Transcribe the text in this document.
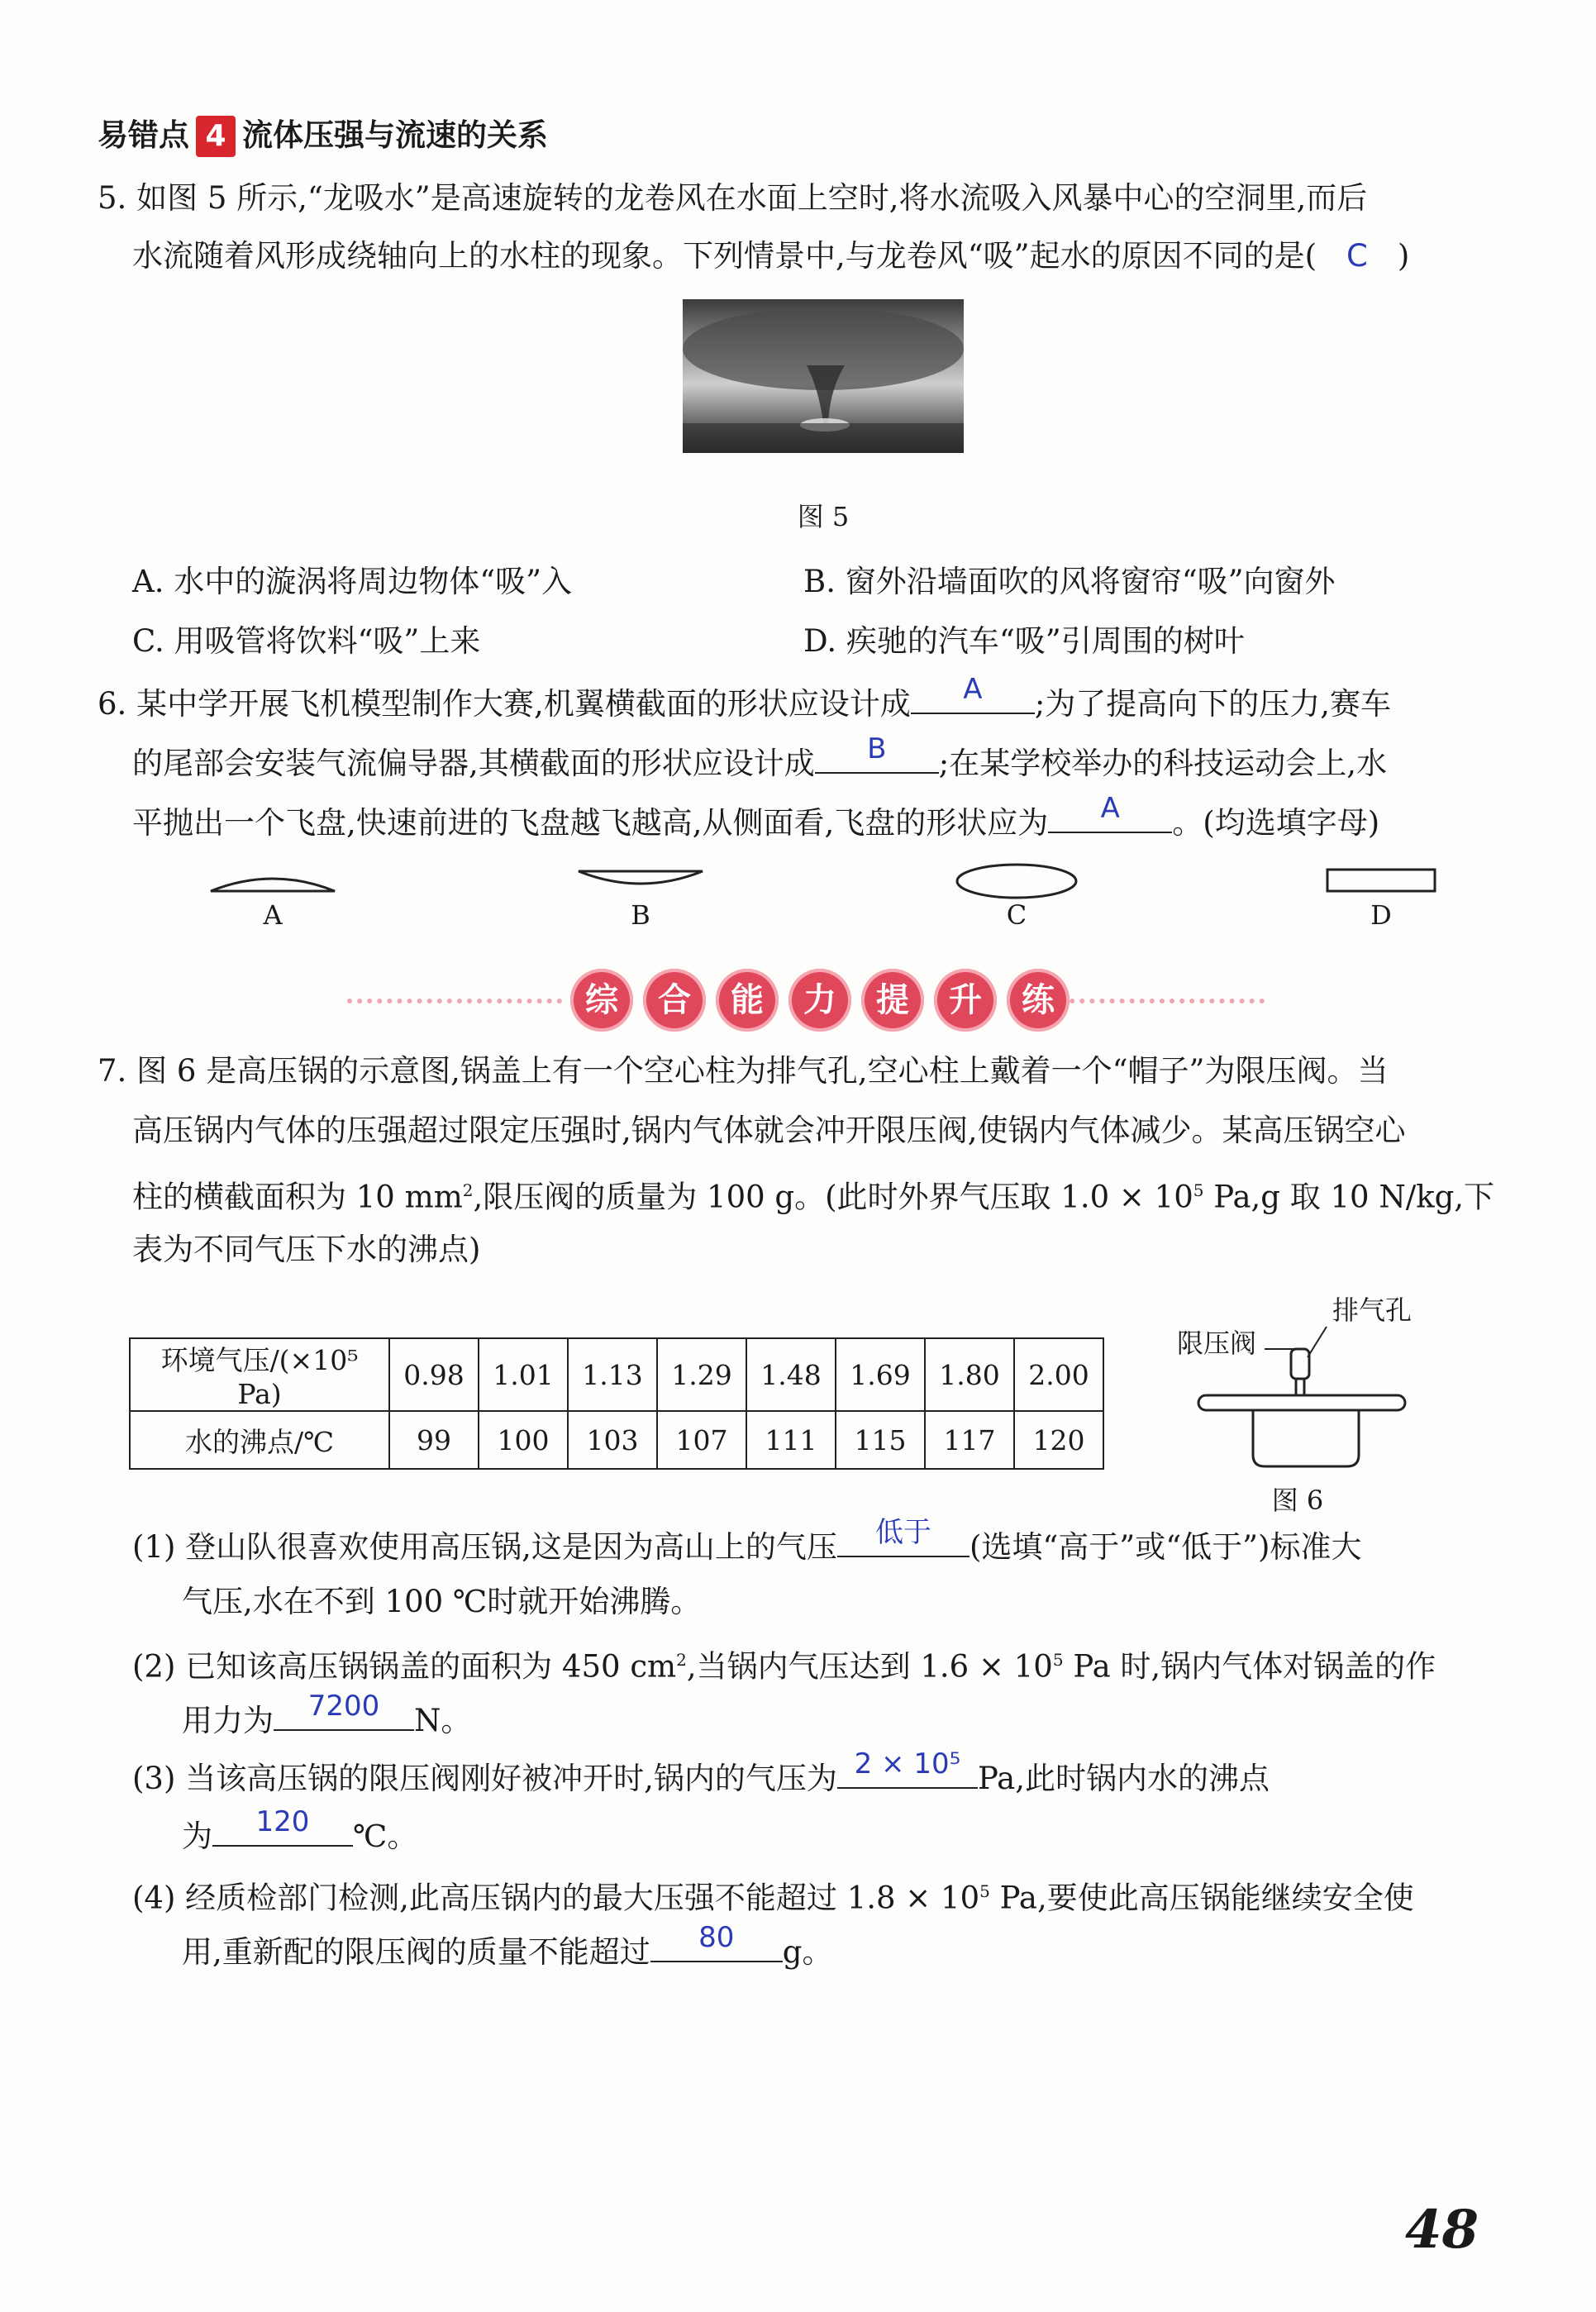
易错点 4 流体压强与流速的关系
5. 如图 5 所示,“龙吸水”是高速旋转的龙卷风在水面上空时,将水流吸入风暴中心的空洞里,而后
水流随着风形成绕轴向上的水柱的现象。下列情景中,与龙卷风“吸”起水的原因不同的是( C )
图 5
A. 水中的漩涡将周边物体“吸”入	B. 窗外沿墙面吹的风将窗帘“吸”向窗外
C. 用吸管将饮料“吸”上来	D. 疾驰的汽车“吸”引周围的树叶
6. 某中学开展飞机模型制作大赛,机翼横截面的形状应设计成	A	;为了提高向下的压力,赛车
的尾部会安装气流偏导器,其横截面的形状应设计成	B	;在某学校举办的科技运动会上,水
平抛出一个飞盘,快速前进的飞盘越飞越高,从侧面看,飞盘的形状应为	A	。(均选填字母)
A	B	C	D
综	合	能	力	提	升	练
7. 图 6 是高压锅的示意图,锅盖上有一个空心柱为排气孔,空心柱上戴着一个“帽子”为限压阀。当
高压锅内气体的压强超过限定压强时,锅内气体就会冲开限压阀,使锅内气体减少。某高压锅空心
柱的横截面积为 10 $mm^2$,限压阀的质量为 100 g。(此时外界气压取 $1.0 \times 10^5$ Pa,g 取 10 N/kg,下
表为不同气压下水的沸点)
环境气压/(×10⁵ Pa)	0.98	1.01	1.13	1.29	1.48	1.69	1.80	2.00
水的沸点/℃	99	100	103	107	111	115	117	120
限压阀
排气孔
图 6
(1) 登山队很喜欢使用高压锅,这是因为高山上的气压	低于	(选填“高于”或“低于”)标准大
气压,水在不到 100 ℃时就开始沸腾。
(2) 已知该高压锅锅盖的面积为 450 $cm^2$,当锅内气压达到 $1.6 \times 10^5$ Pa 时,锅内气体对锅盖的作
用力为	7200	N。
(3) 当该高压锅的限压阀刚好被冲开时,锅内的气压为 2 × 10⁵ Pa,此时锅内水的沸点
为	120	℃。
(4) 经质检部门检测,此高压锅内的最大压强不能超过 $1.8 \times 10^5$ Pa,要使此高压锅能继续安全使
用,重新配的限压阀的质量不能超过	80	g。
48
